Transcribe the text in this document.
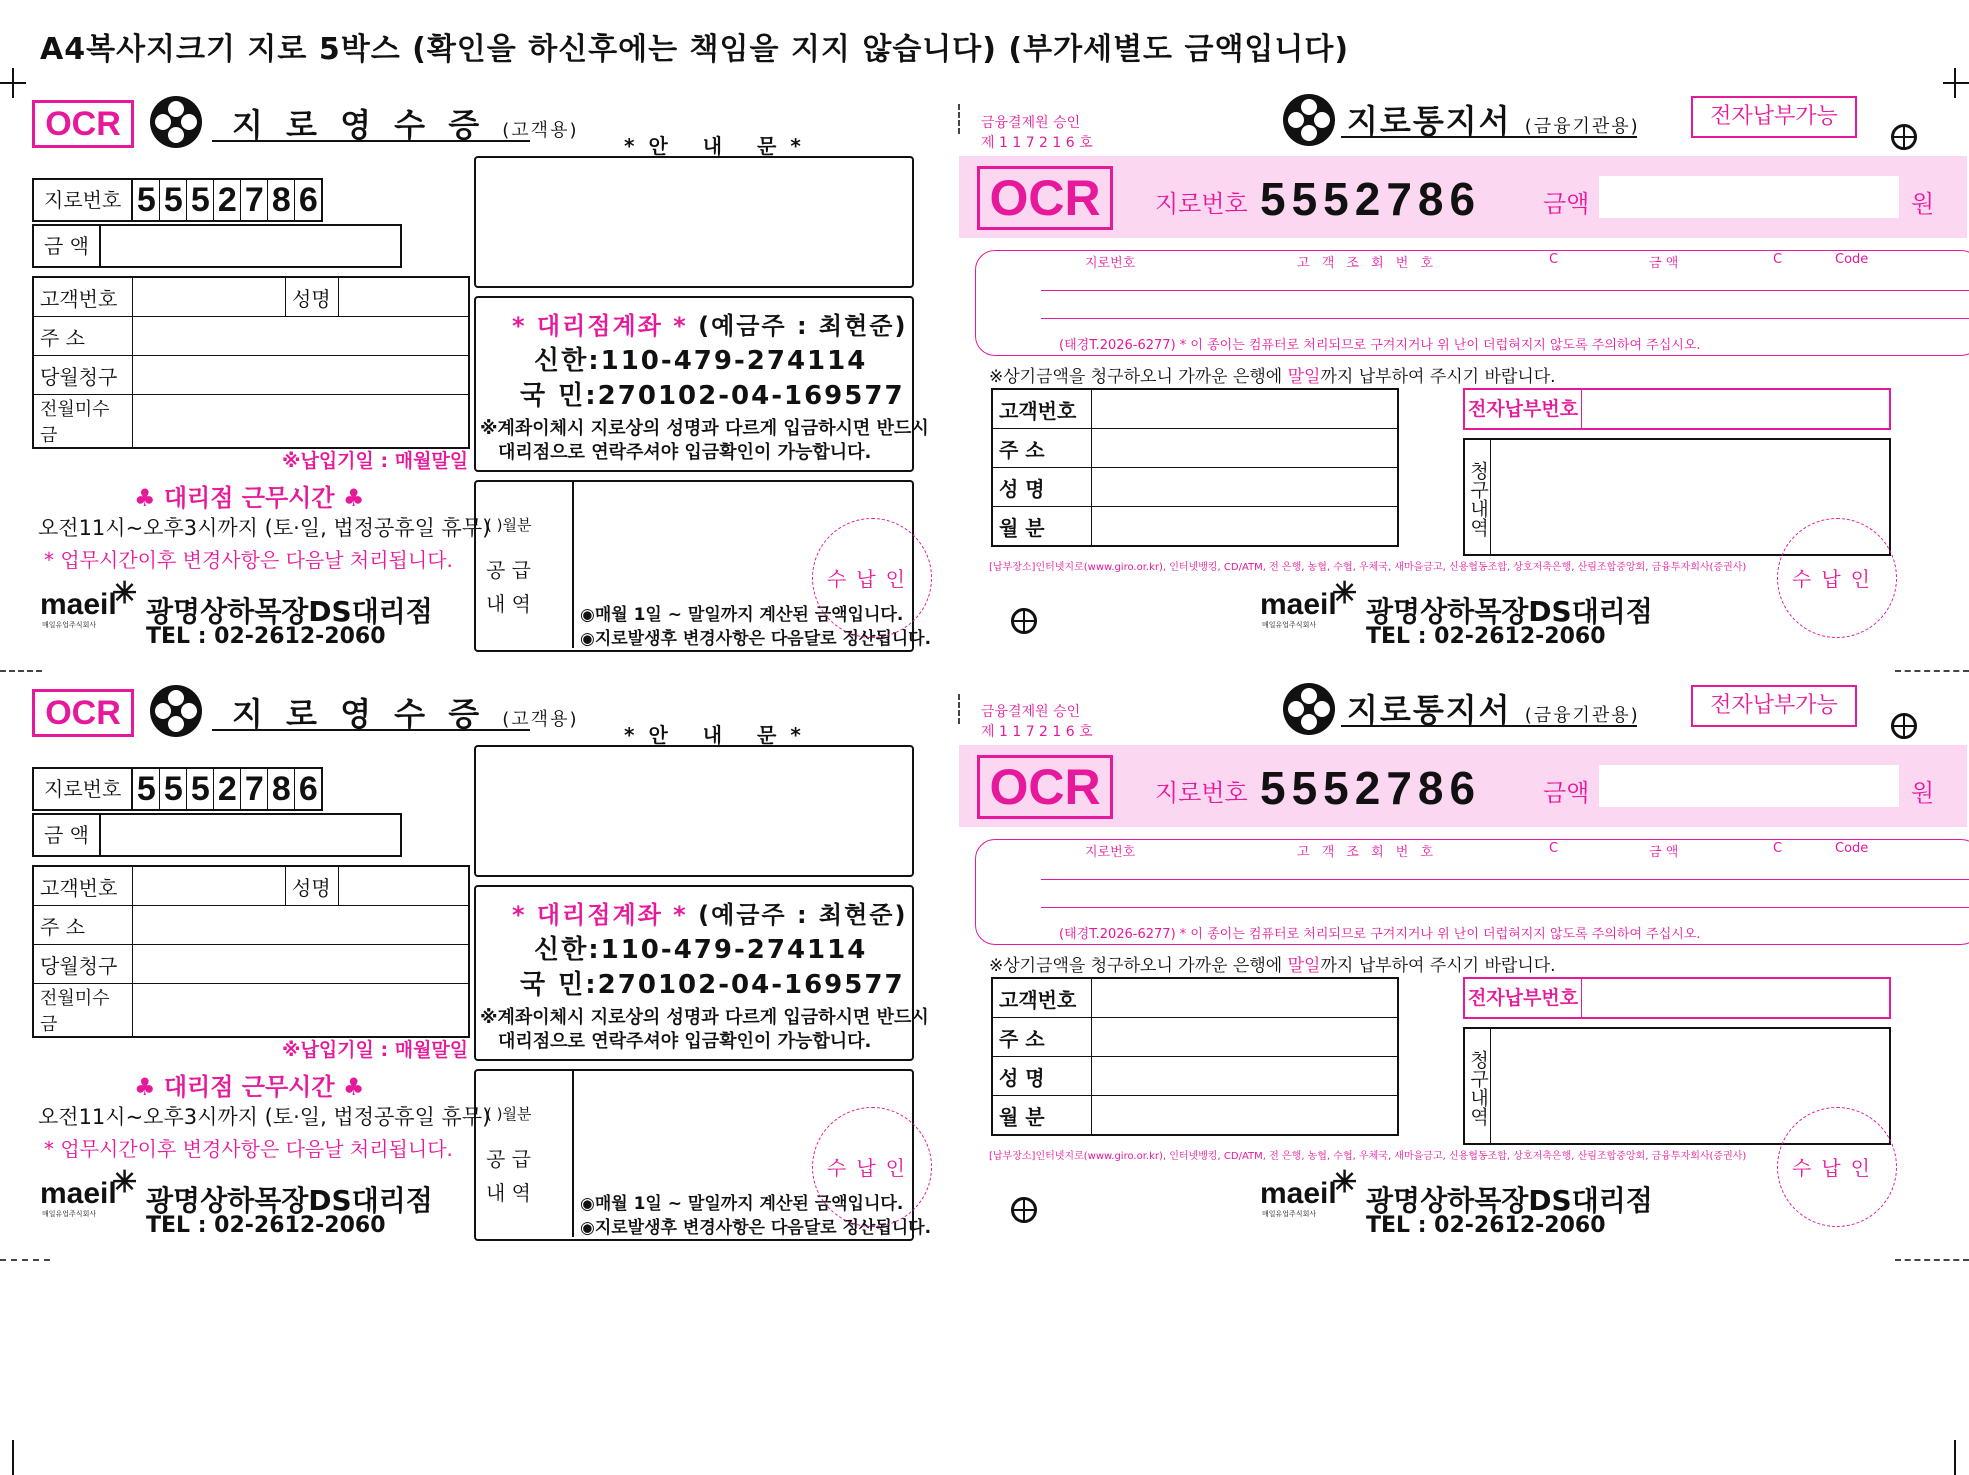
A4복사지크기 지로 5박스 (확인을 하신후에는 책임을 지지 않습니다) (부가세별도 금액입니다)
OCR	지 로 영 수 증 (고객용)
*안 내 문*
지로번호 5 5 5 2 7 8 6
금 액
고객번호		성명	
주 소			
당월청구			
전월미수금			
※납입기일 : 매월말일
♣ 대리점 근무시간 ♣
오전11시~오후3시까지 (토·일, 법정공휴일 휴무)
* 업무시간이후 변경사항은 다음날 처리됩니다.
maeil
✳
매일유업주식회사 광명상하목장DS대리점
TEL : 02-2612-2060
* 대리점계좌 * (예금주 : 최현준)
신한:110-479-274114
국 민:270102-04-169577
※계좌이체시 지로상의 성명과 다르게 입금하시면 반드시
대리점으로 연락주셔야 입금확인이 가능합니다.
( )월분
공 급
내 역	◉매월 1일 ~ 말일까지 계산된 금액입니다.
◉지로발생후 변경사항은 다음달로 정산됩니다.
수납인
금융결제원 승인
제 1 1 7 2 1 6 호
지로통지서 (금융기관용)	전자납부가능
OCR	지로번호 5552786	금액	원
지로번호	고 객 조 회 번 호	C	금 액	C	Code
(태경T.2026-6277) * 이 종이는 컴퓨터로 처리되므로 구겨지거나 위 난이 더럽혀지지 않도록 주의하여 주십시오.
※상기금액을 청구하오니 가까운 은행에 말일까지 납부하여 주시기 바랍니다.
고객번호	
주 소	
성 명	
월 분	
전자납부번호
청구내역
[납부장소]인터넷지로(www.giro.or.kr), 인터넷뱅킹, CD/ATM, 전 은행, 농협, 수협, 우체국, 새마을금고, 신용협동조합, 상호저축은행, 산림조합중앙회, 금융투자회사(증권사) 수납인
maeil
✳
매일유업주식회사 광명상하목장DS대리점
TEL : 02-2612-2060
OCR	지 로 영 수 증 (고객용)
*안 내 문*
지로번호 5 5 5 2 7 8 6
금 액
고객번호		성명	
주 소			
당월청구			
전월미수금			
※납입기일 : 매월말일
♣ 대리점 근무시간 ♣
오전11시~오후3시까지 (토·일, 법정공휴일 휴무)
* 업무시간이후 변경사항은 다음날 처리됩니다.
maeil
✳
매일유업주식회사 광명상하목장DS대리점
TEL : 02-2612-2060
* 대리점계좌 * (예금주 : 최현준)
신한:110-479-274114
국 민:270102-04-169577
※계좌이체시 지로상의 성명과 다르게 입금하시면 반드시
대리점으로 연락주셔야 입금확인이 가능합니다.
( )월분
공 급
내 역	◉매월 1일 ~ 말일까지 계산된 금액입니다.
◉지로발생후 변경사항은 다음달로 정산됩니다.
수납인
금융결제원 승인
제 1 1 7 2 1 6 호
지로통지서 (금융기관용)	전자납부가능
OCR	지로번호 5552786	금액	원
지로번호	고 객 조 회 번 호	C	금 액	C	Code
(태경T.2026-6277) * 이 종이는 컴퓨터로 처리되므로 구겨지거나 위 난이 더럽혀지지 않도록 주의하여 주십시오.
※상기금액을 청구하오니 가까운 은행에 말일까지 납부하여 주시기 바랍니다.
고객번호	
주 소	
성 명	
월 분	
전자납부번호
청구내역
[납부장소]인터넷지로(www.giro.or.kr), 인터넷뱅킹, CD/ATM, 전 은행, 농협, 수협, 우체국, 새마을금고, 신용협동조합, 상호저축은행, 산림조합중앙회, 금융투자회사(증권사) 수납인
maeil
✳
매일유업주식회사 광명상하목장DS대리점
TEL : 02-2612-2060
